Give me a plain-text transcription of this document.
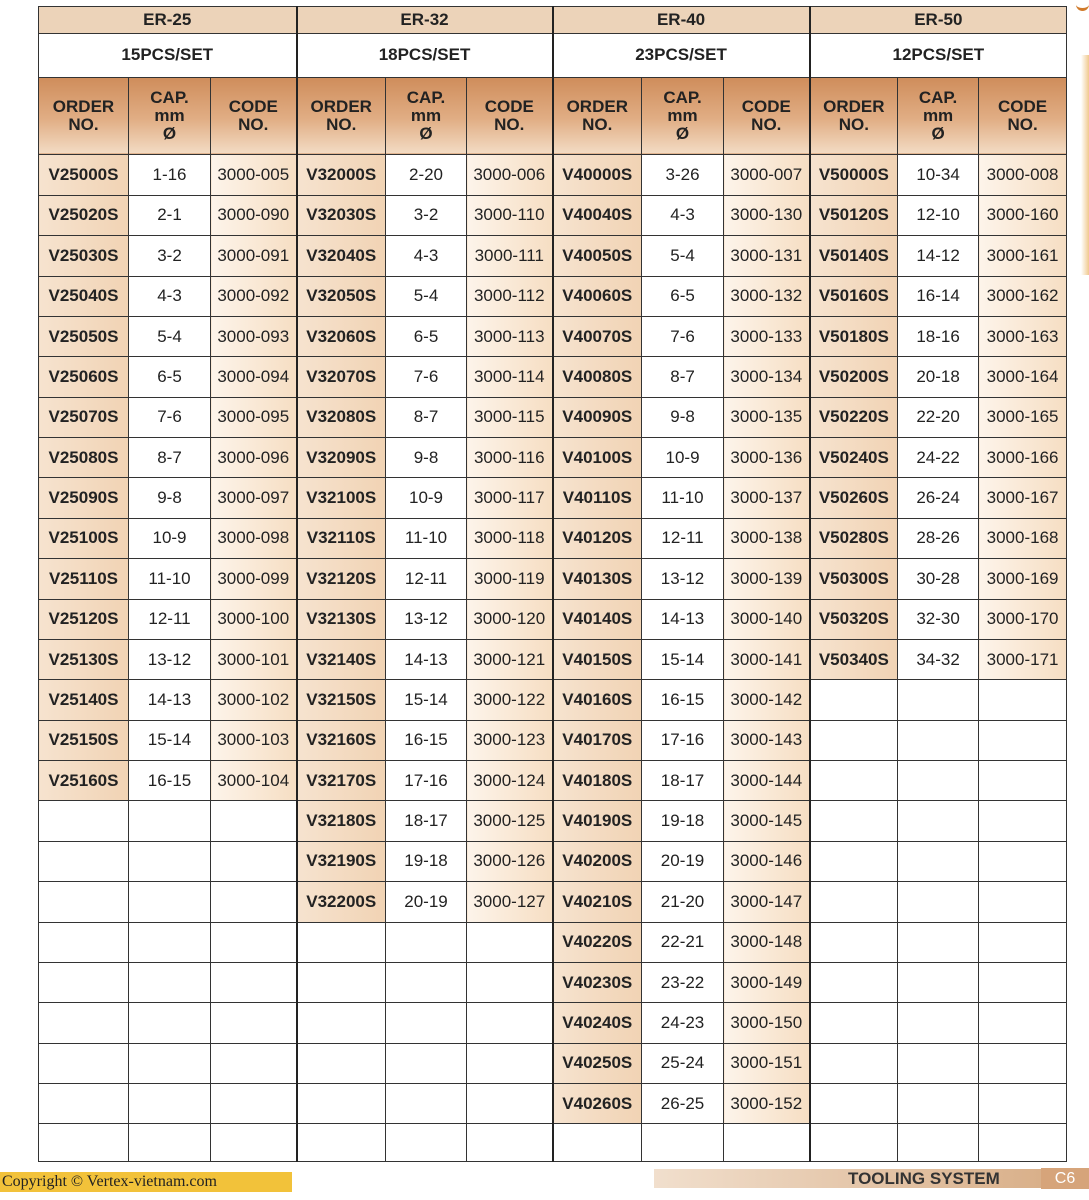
ER-25			ER-32			ER-40			ER-50		
15PCS/SET			18PCS/SET			23PCS/SET			12PCS/SET		
ORDER NO.	CAP. mm Ø	CODE NO.	ORDER NO.	CAP. mm Ø	CODE NO.	ORDER NO.	CAP. mm Ø	CODE NO.	ORDER NO.	CAP. mm Ø	CODE NO.
V25000S	1-16	3000-005	V32000S	2-20	3000-006	V40000S	3-26	3000-007	V50000S	10-34	3000-008
V25020S	2-1	3000-090	V32030S	3-2	3000-110	V40040S	4-3	3000-130	V50120S	12-10	3000-160
V25030S	3-2	3000-091	V32040S	4-3	3000-111	V40050S	5-4	3000-131	V50140S	14-12	3000-161
V25040S	4-3	3000-092	V32050S	5-4	3000-112	V40060S	6-5	3000-132	V50160S	16-14	3000-162
V25050S	5-4	3000-093	V32060S	6-5	3000-113	V40070S	7-6	3000-133	V50180S	18-16	3000-163
V25060S	6-5	3000-094	V32070S	7-6	3000-114	V40080S	8-7	3000-134	V50200S	20-18	3000-164
V25070S	7-6	3000-095	V32080S	8-7	3000-115	V40090S	9-8	3000-135	V50220S	22-20	3000-165
V25080S	8-7	3000-096	V32090S	9-8	3000-116	V40100S	10-9	3000-136	V50240S	24-22	3000-166
V25090S	9-8	3000-097	V32100S	10-9	3000-117	V40110S	11-10	3000-137	V50260S	26-24	3000-167
V25100S	10-9	3000-098	V32110S	11-10	3000-118	V40120S	12-11	3000-138	V50280S	28-26	3000-168
V25110S	11-10	3000-099	V32120S	12-11	3000-119	V40130S	13-12	3000-139	V50300S	30-28	3000-169
V25120S	12-11	3000-100	V32130S	13-12	3000-120	V40140S	14-13	3000-140	V50320S	32-30	3000-170
V25130S	13-12	3000-101	V32140S	14-13	3000-121	V40150S	15-14	3000-141	V50340S	34-32	3000-171
V25140S	14-13	3000-102	V32150S	15-14	3000-122	V40160S	16-15	3000-142			
V25150S	15-14	3000-103	V32160S	16-15	3000-123	V40170S	17-16	3000-143			
V25160S	16-15	3000-104	V32170S	17-16	3000-124	V40180S	18-17	3000-144			
			V32180S	18-17	3000-125	V40190S	19-18	3000-145			
			V32190S	19-18	3000-126	V40200S	20-19	3000-146			
			V32200S	20-19	3000-127	V40210S	21-20	3000-147			
						V40220S	22-21	3000-148			
						V40230S	23-22	3000-149			
						V40240S	24-23	3000-150			
						V40250S	25-24	3000-151			
						V40260S	26-25	3000-152			

Copyright © Vertex-vietnam.com	TOOLING SYSTEM	C6
